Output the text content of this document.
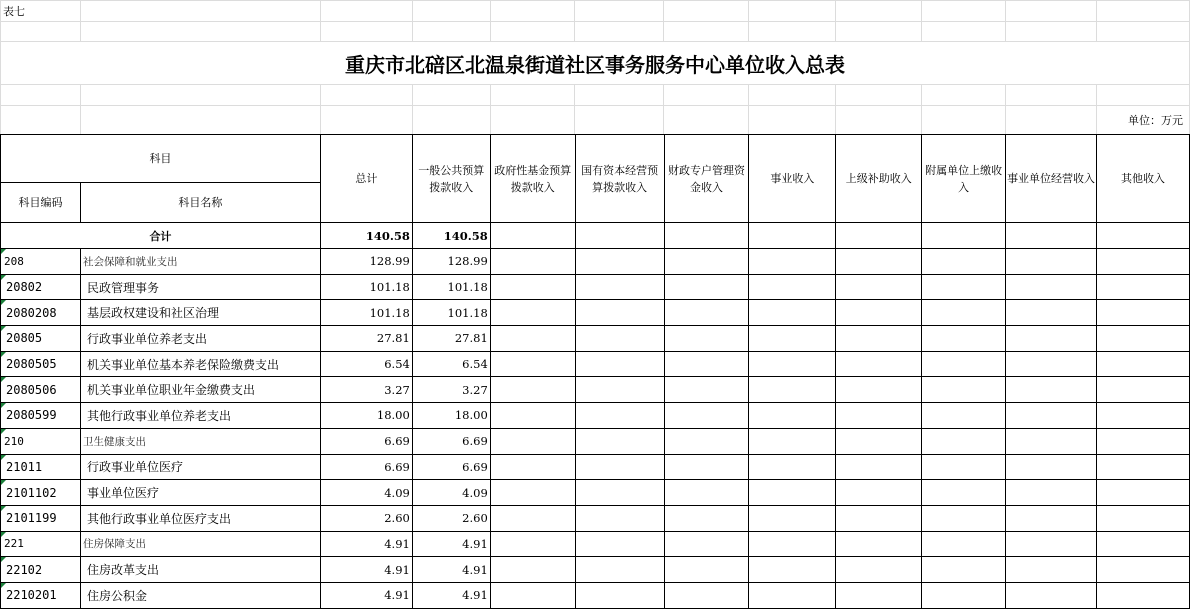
表七											

重庆市北碚区北温泉街道社区事务服务中心单位收入总表											

											单位：万元
科目		总计	一般公共预算拨款收入	政府性基金预算拨款收入	国有资本经营预算拨款收入	财政专户管理资金收入	事业收入	上级补助收入	附属单位上缴收入	事业单位经营收入	其他收入
科目编码	科目名称										
合计		140.58	140.58								

208	社会保障和就业支出	128.99	128.99								

20802	民政管理事务	101.18	101.18								

2080208	基层政权建设和社区治理	101.18	101.18								

20805	行政事业单位养老支出	27.81	27.81								

2080505	机关事业单位基本养老保险缴费支出	6.54	6.54								

2080506	机关事业单位职业年金缴费支出	3.27	3.27								

2080599	其他行政事业单位养老支出	18.00	18.00								

210	卫生健康支出	6.69	6.69								

21011	行政事业单位医疗	6.69	6.69								

2101102	事业单位医疗	4.09	4.09								

2101199	其他行政事业单位医疗支出	2.60	2.60								

221	住房保障支出	4.91	4.91								

22102	住房改革支出	4.91	4.91								

2210201	住房公积金	4.91	4.91								
